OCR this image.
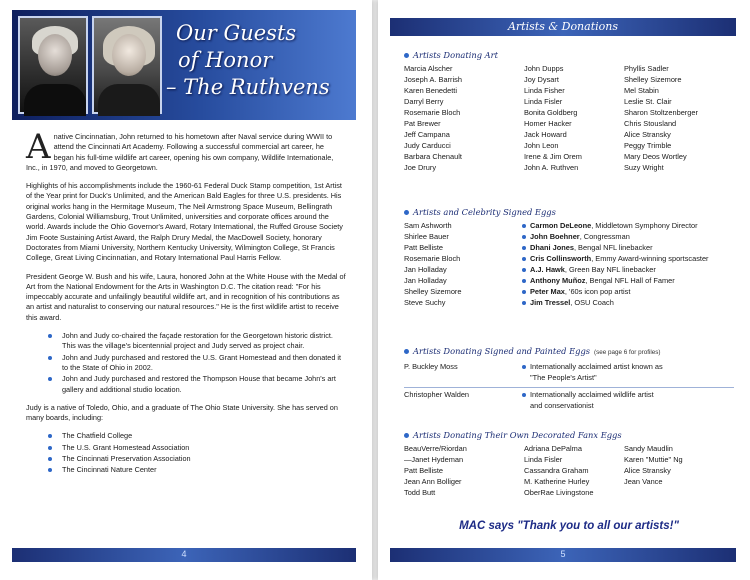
Our Guests
of Honor
– The Ruthvens

Anative Cincinnatian, John returned to his hometown after Naval service during WWII to attend the Cincinnati Art Academy. Following a successful commercial art career, he began his full-time wildlife art career, opening his own company, Wildlife Internationale, Inc., in 1970, and moved to Georgetown.

Highlights of his accomplishments include the 1960-61 Federal Duck Stamp competition, 1st Artist of the Year print for Duck's Unlimited, and the American Bald Eagles for three U.S. presidents. His original works hang in the Hermitage Museum, The Neil Armstrong Space Museum, Bellingrath Gardens, Colonial Williamsburg, Trout Unlimited, universities and corporate offices around the world. Awards include the Ohio Governor's Award, Rotary International, the Ruffed Grouse Society Jim Foote Sustaining Artist Award, the Ralph Drury Medal, the MacDowell Society, honorary Doctorates from Miami University, Northern Kentucky University, Wilmington College, St Francis College, Great Living Cincinnatian, and Rotary International Paul Harris Fellow.

President George W. Bush and his wife, Laura, honored John at the White House with the Medal of Art from the National Endowment for the Arts in Washington D.C. The citation read: "For his impeccably accurate and unfailingly beautiful wildlife art, and in recognition of his contributions as an artist and naturalist to conserving our natural resources." He is the first wildlife artist to receive this award.

John and Judy co-chaired the façade restoration for the Georgetown historic district. This was the village's bicentennial project and Judy served as project chair.
John and Judy purchased and restored the U.S. Grant Homestead and then donated it to the State of Ohio in 2002.
John and Judy purchased and restored the Thompson House that became John's art gallery and additional studio location.

Judy is a native of Toledo, Ohio, and a graduate of The Ohio State University. She has served on many boards, including:

The Chatfield College
The U.S. Grant Homestead Association
The Cincinnati Preservation Association
The Cincinnati Nature Center
4
Artists & Donations
Artists Donating Art
Marcia Alscher
Joseph A. Barrish
Karen Benedetti
Darryl Berry
Rosemarie Bloch
Pat Brewer
Jeff Campana
Judy Carducci
Barbara Chenault
Joe Drury
John Dupps
Joy Dysart
Linda Fisher
Linda Fisler
Bonita Goldberg
Homer Hacker
Jack Howard
John Leon
Irene & Jim Orem
John A. Ruthven
Phyllis Sadler
Shelley Sizemore
Mel Stabin
Leslie St. Clair
Sharon Stoltzenberger
Chris Stousland
Alice Stransky
Peggy Trimble
Mary Deos Wortley
Suzy Wright
Artists and Celebrity Signed Eggs
Sam Ashworth
Shirlee Bauer
Patt Belliste
Rosemarie Bloch
Jan Holladay
Jan Holladay
Shelley Sizemore
Steve Suchy
Carmon DeLeone, Middletown Symphony Director
John Boehner, Congressman
Dhani Jones, Bengal NFL linebacker
Cris Collinsworth, Emmy Award-winning sportscaster
A.J. Hawk, Green Bay NFL linebacker
Anthony Muñoz, Bengal NFL Hall of Famer
Peter Max, '60s icon pop artist
Jim Tressel, OSU Coach
Artists Donating Signed and Painted Eggs (see page 6 for profiles)
P. Buckley Moss	Internationally acclaimed artist known as
"The People's Artist"
Christopher Walden	Internationally acclaimed wildlife artist
and conservationist
Artists Donating Their Own Decorated Fanx Eggs
BeauVerre/Riordan
—Janet Hydeman
Patt Belliste
Jean Ann Bolliger
Todd Butt
Adriana DePalma
Linda Fisler
Cassandra Graham
M. Katherine Hurley
OberRae Livingstone
Sandy Maudlin
Karen "Muttie" Ng
Alice Stransky
Jean Vance
MAC says "Thank you to all our artists!"
5
